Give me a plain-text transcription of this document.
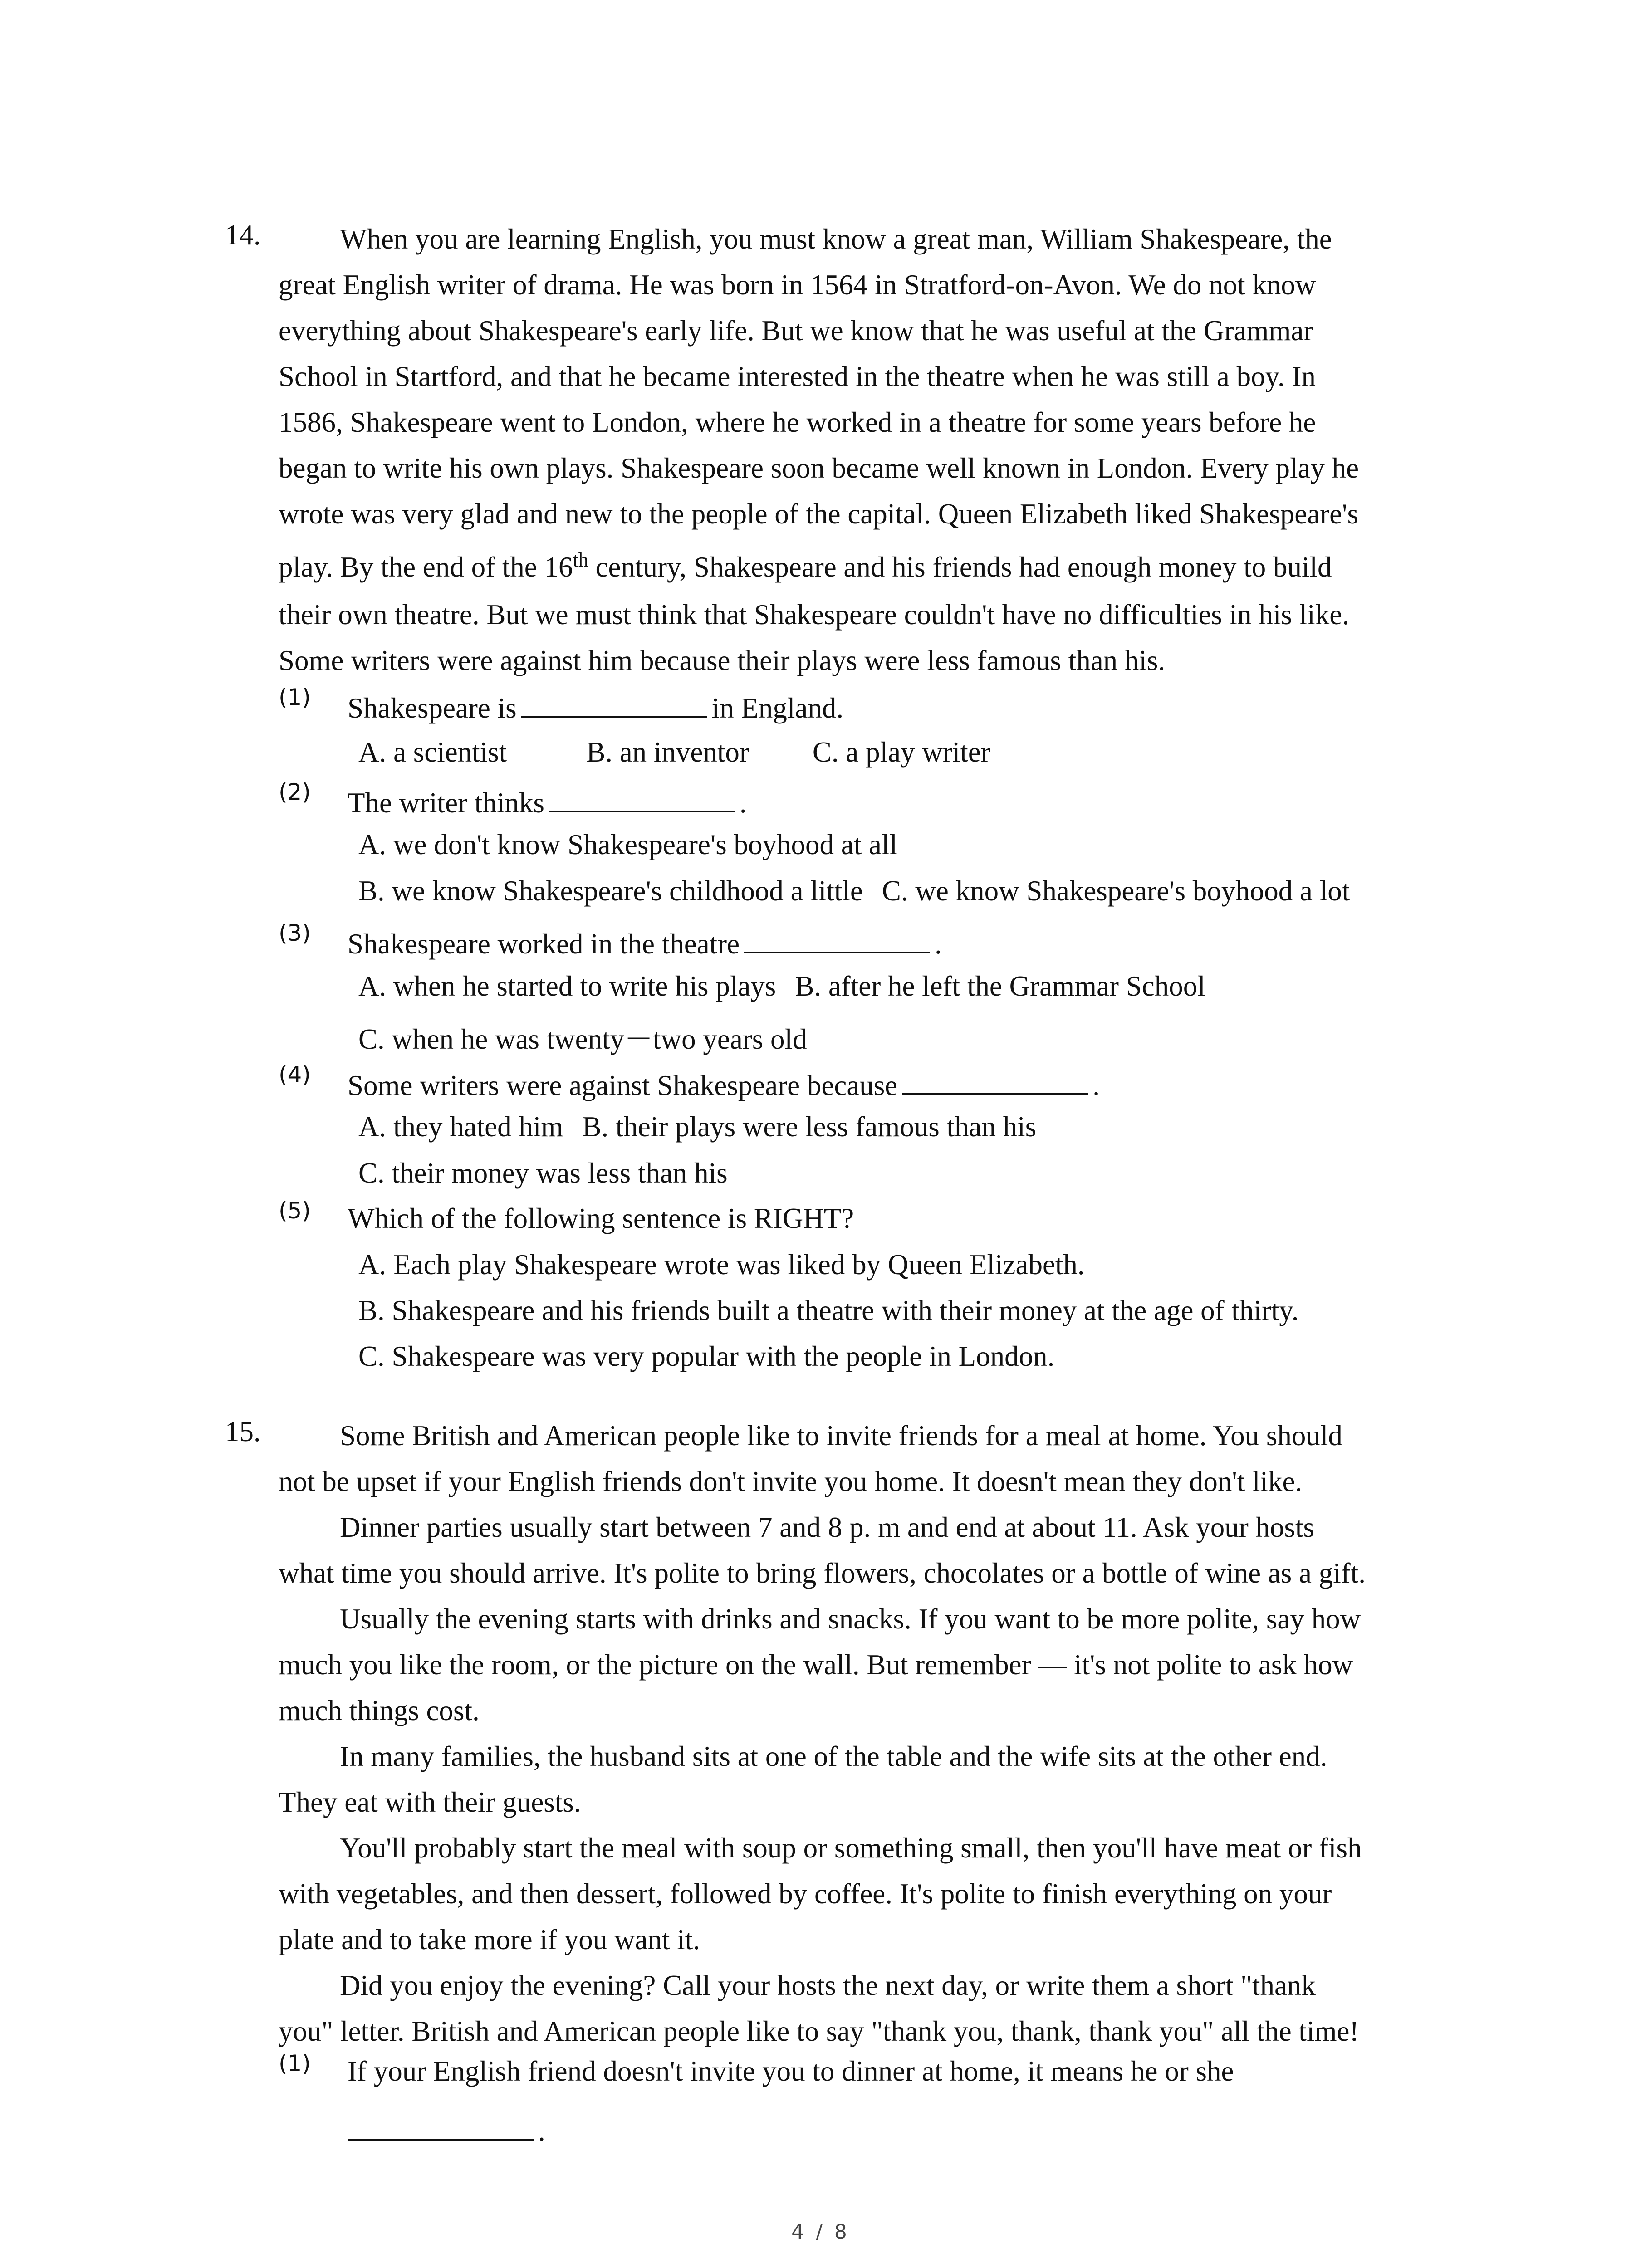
14.	When you are learning English, you must know a great man, William Shakespeare, the
great English writer of drama. He was born in 1564 in Stratford-on-Avon. We do not know
everything about Shakespeare's early life. But we know that he was useful at the Grammar
School in Startford, and that he became interested in the theatre when he was still a boy. In
1586, Shakespeare went to London, where he worked in a theatre for some years before he
began to write his own plays. Shakespeare soon became well known in London. Every play he
wrote was very glad and new to the people of the capital. Queen Elizabeth liked Shakespeare's
play. By the end of the 16th century, Shakespeare and his friends had enough money to build
their own theatre. But we must think that Shakespeare couldn't have no difficulties in his like.
Some writers were against him because their plays were less famous than his.
(1) Shakespeare is	in England.
A. a scientist	B. an inventor C. a play writer
(2) The writer thinks	.
A. we don't know Shakespeare's boyhood at all
B. we know Shakespeare's childhood a little C. we know Shakespeare's boyhood a lot
(3) Shakespeare worked in the theatre	.
A. when he started to write his plays B. after he left the Grammar School
C. when he was twenty－two years old
(4) Some writers were against Shakespeare because	.
A. they hated him B. their plays were less famous than his
C. their money was less than his
(5) Which of the following sentence is RIGHT?
A. Each play Shakespeare wrote was liked by Queen Elizabeth.
B. Shakespeare and his friends built a theatre with their money at the age of thirty.
C. Shakespeare was very popular with the people in London.
15.	Some British and American people like to invite friends for a meal at home. You should
not be upset if your English friends don't invite you home. It doesn't mean they don't like.
Dinner parties usually start between 7 and 8 p. m and end at about 11. Ask your hosts
what time you should arrive. It's polite to bring flowers, chocolates or a bottle of wine as a gift.
Usually the evening starts with drinks and snacks. If you want to be more polite, say how
much you like the room, or the picture on the wall. But remember — it's not polite to ask how
much things cost.
In many families, the husband sits at one of the table and the wife sits at the other end.
They eat with their guests.
You'll probably start the meal with soup or something small, then you'll have meat or fish
with vegetables, and then dessert, followed by coffee. It's polite to finish everything on your
plate and to take more if you want it.
Did you enjoy the evening? Call your hosts the next day, or write them a short "thank
you" letter. British and American people like to say "thank you, thank, thank you" all the time!
(1) If your English friend doesn't invite you to dinner at home, it means he or she
.
4 / 8
